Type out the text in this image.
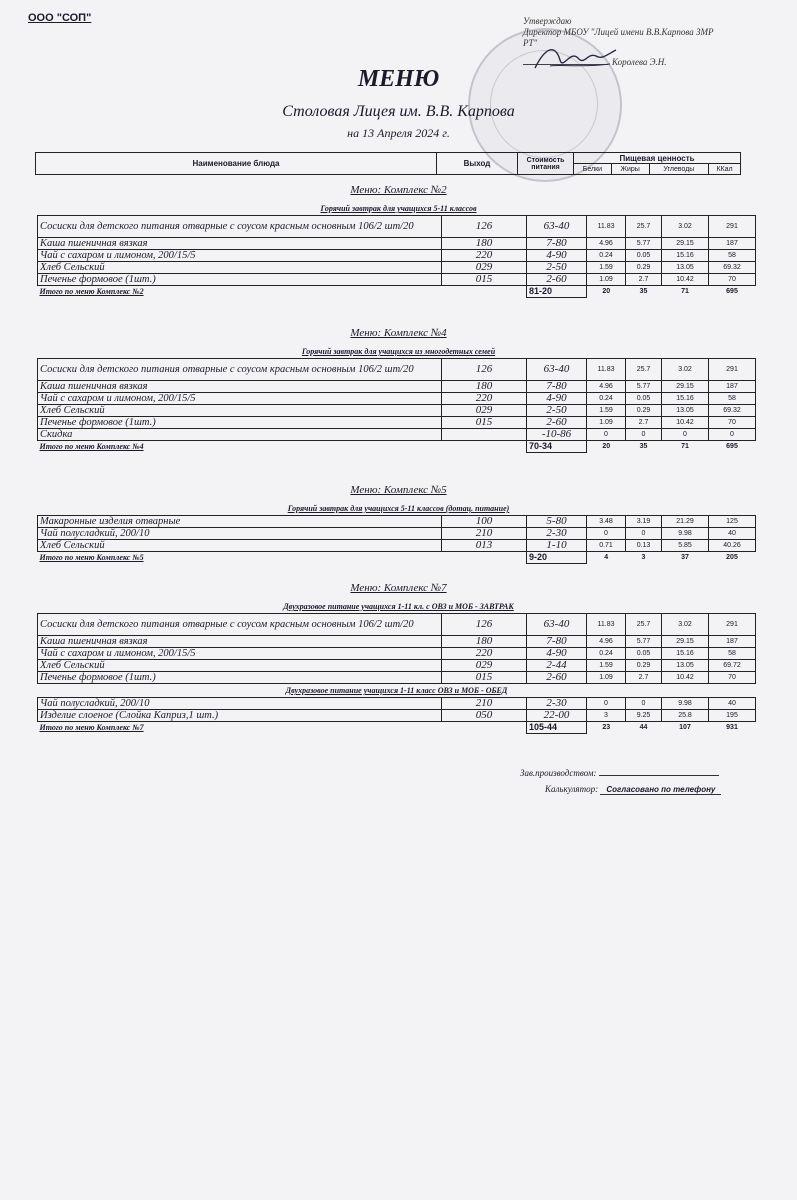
ООО "СОП"	Утверждаю
Директор МБОУ "Лицей имени В.В.Карпова ЗМР
РТ"
Королева Э.Н.
МЕНЮ
Столовая Лицея им. В.В. Карпова
на 13 Апреля 2024 г.
Наименование блюда	Выход	Стоимость питания	Пищевая ценность			
			Белки	Жиры	Углеводы	ККал
Меню: Комплекс №2
Горячий завтрак для учащихся 5-11 классов
Сосиски для детского питания отварные с соусом красным основным 106/2 шт/20	126	63-40	11.83	25.7	3.02	291
Каша пшеничная вязкая	180	7-80	4.96	5.77	29.15	187
Чай с сахаром и лимоном, 200/15/5	220	4-90	0.24	0.05	15.16	58
Хлеб Сельский	029	2-50	1.59	0.29	13.05	69.32
Печенье формовое (1шт.)	015	2-60	1.09	2.7	10.42	70
Итого по меню Комплекс №2		81-20	20	35	71	695
Меню: Комплекс №4
Горячий завтрак для учащихся из многодетных семей
Сосиски для детского питания отварные с соусом красным основным 106/2 шт/20	126	63-40	11.83	25.7	3.02	291
Каша пшеничная вязкая	180	7-80	4.96	5.77	29.15	187
Чай с сахаром и лимоном, 200/15/5	220	4-90	0.24	0.05	15.16	58
Хлеб Сельский	029	2-50	1.59	0.29	13.05	69.32
Печенье формовое (1шт.)	015	2-60	1.09	2.7	10.42	70
Скидка		-10-86	0	0	0	0
Итого по меню Комплекс №4		70-34	20	35	71	695
Меню: Комплекс №5
Горячий завтрак для учащихся 5-11 классов (дотац. питание)
Макаронные изделия отварные	100	5-80	3.48	3.19	21.29	125
Чай полусладкий, 200/10	210	2-30	0	0	9.98	40
Хлеб Сельский	013	1-10	0.71	0.13	5.85	40.26
Итого по меню Комплекс №5		9-20	4	3	37	205
Меню: Комплекс №7
Двухразовое питание учащихся 1-11 кл. с ОВЗ и МОБ - ЗАВТРАК
Сосиски для детского питания отварные с соусом красным основным 106/2 шт/20	126	63-40	11.83	25.7	3.02	291
Каша пшеничная вязкая	180	7-80	4.96	5.77	29.15	187
Чай с сахаром и лимоном, 200/15/5	220	4-90	0.24	0.05	15.16	58
Хлеб Сельский	029	2-44	1.59	0.29	13.05	69.72
Печенье формовое (1шт.)	015	2-60	1.09	2.7	10.42	70
Двухразовое питание учащихся 1-11 класс ОВЗ и МОБ - ОБЕД						
Чай полусладкий, 200/10	210	2-30	0	0	9.98	40
Изделие слоеное (Слойка Каприз,1 шт.)	050	22-00	3	9.25	25.8	195
Итого по меню Комплекс №7		105-44	23	44	107	931
Зав.производством:
Калькулятор: Согласовано по телефону
